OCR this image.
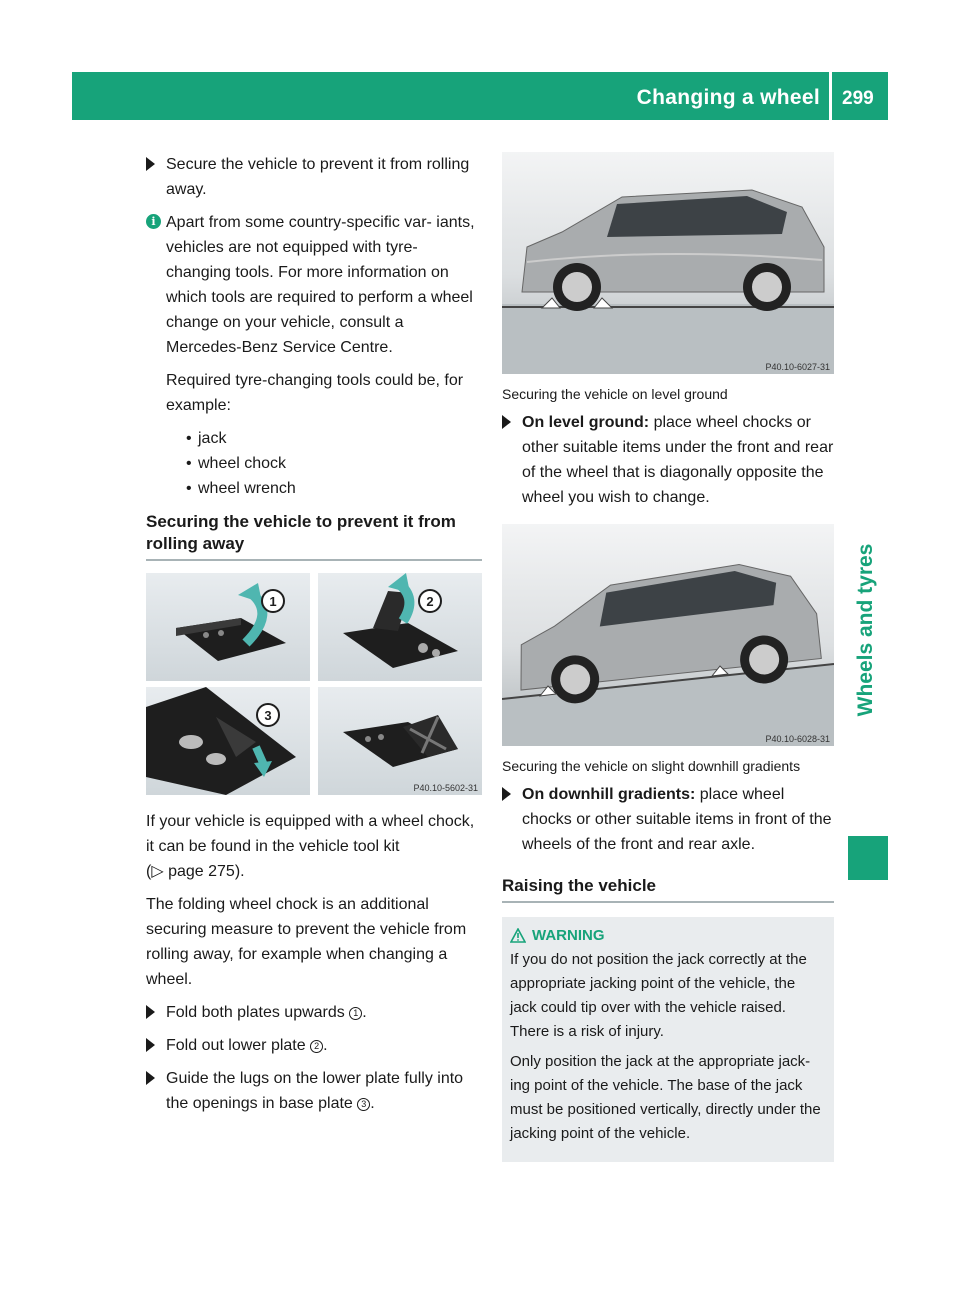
Changing a wheel 299
Wheels and tyres

Secure the vehicle to prevent it from rolling away.

i Apart from some country-specific var- iants, vehicles are not equipped with tyre- changing tools. For more information on which tools are required to perform a wheel change on your vehicle, consult a Mercedes-Benz Service Centre.

Required tyre-changing tools could be, for example:

• jack
• wheel chock
• wheel wrench
Securing the vehicle to prevent it from rolling away
1	2
3
P40.10-5602-31

If your vehicle is equipped with a wheel chock, it can be found in the vehicle tool kit
(▷ page 275).

The folding wheel chock is an additional securing measure to prevent the vehicle from rolling away, for example when changing a wheel.

Fold both plates upwards 1 .

Fold out lower plate 2 .

Guide the lugs on the lower plate fully into the openings in base plate 3 .

P40.10-6027-31
Securing the vehicle on level ground

On level ground: place wheel chocks or other suitable items under the front and rear of the wheel that is diagonally opposite the wheel you wish to change.

P40.10-6028-31
Securing the vehicle on slight downhill gradients

On downhill gradients: place wheel chocks or other suitable items in front of the wheels of the front and rear axle.

Raising the vehicle
WARNING

If you do not position the jack correctly at the appropriate jacking point of the vehicle, the jack could tip over with the vehicle raised. There is a risk of injury.

Only position the jack at the appropriate jack- ing point of the vehicle. The base of the jack must be positioned vertically, directly under the jacking point of the vehicle.
